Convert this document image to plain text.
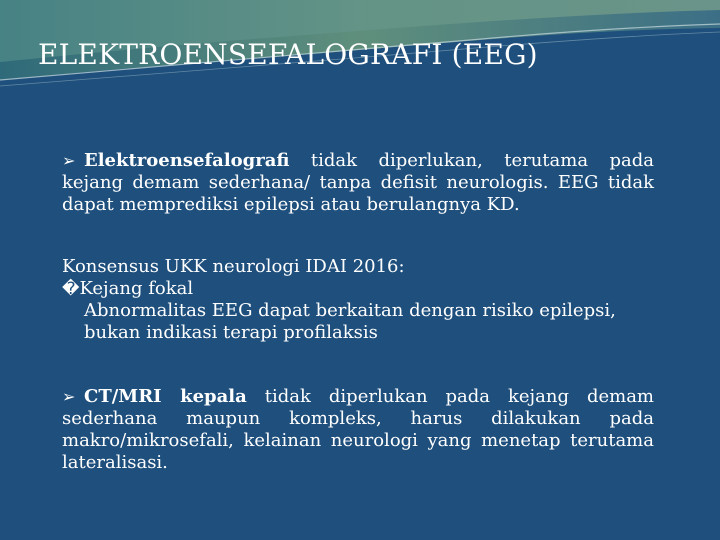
ELEKTROENSEFALOGRAFI (EEG)
➢ Elektroensefalografi tidak diperlukan, terutama pada kejang demam sederhana/ tanpa defisit neurologis. EEG tidak dapat memprediksi epilepsi atau berulangnya KD.
Konsensus UKK neurologi IDAI 2016:
�Kejang fokal
Abnormalitas EEG dapat berkaitan dengan risiko epilepsi, bukan indikasi terapi profilaksis
➢ CT/MRI kepala tidak diperlukan pada kejang demam sederhana maupun kompleks, harus dilakukan pada makro/mikrosefali, kelainan neurologi yang menetap terutama lateralisasi.
